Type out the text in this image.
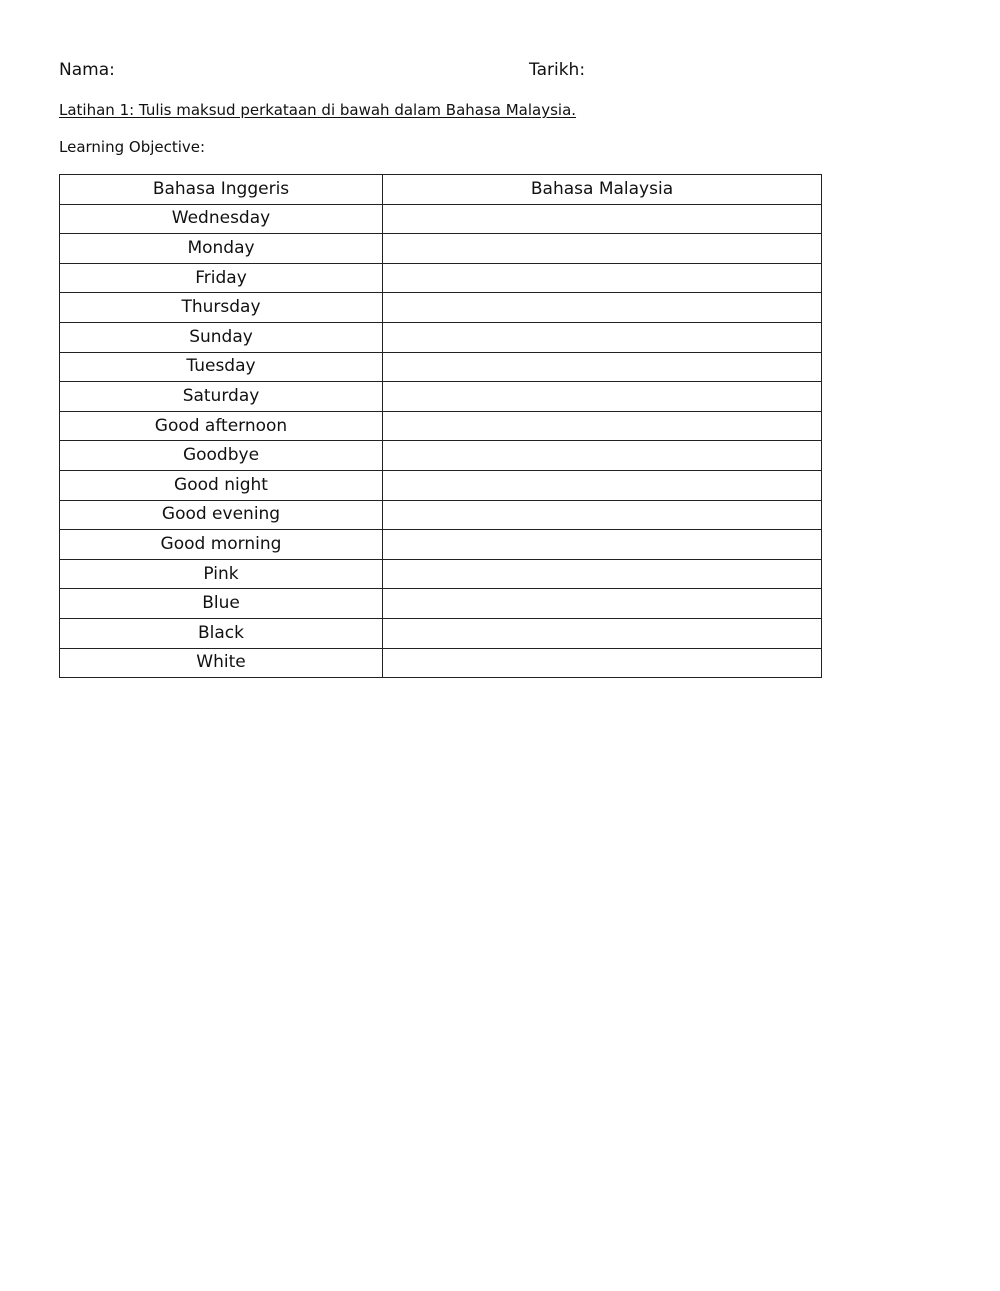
Nama:	Tarikh:
Latihan 1: Tulis maksud perkataan di bawah dalam Bahasa Malaysia.
Learning Objective:
Bahasa Inggeris	Bahasa Malaysia
Wednesday	
Monday	
Friday	
Thursday	
Sunday	
Tuesday	
Saturday	
Good afternoon	
Goodbye	
Good night	
Good evening	
Good morning	
Pink	
Blue	
Black	
White	
